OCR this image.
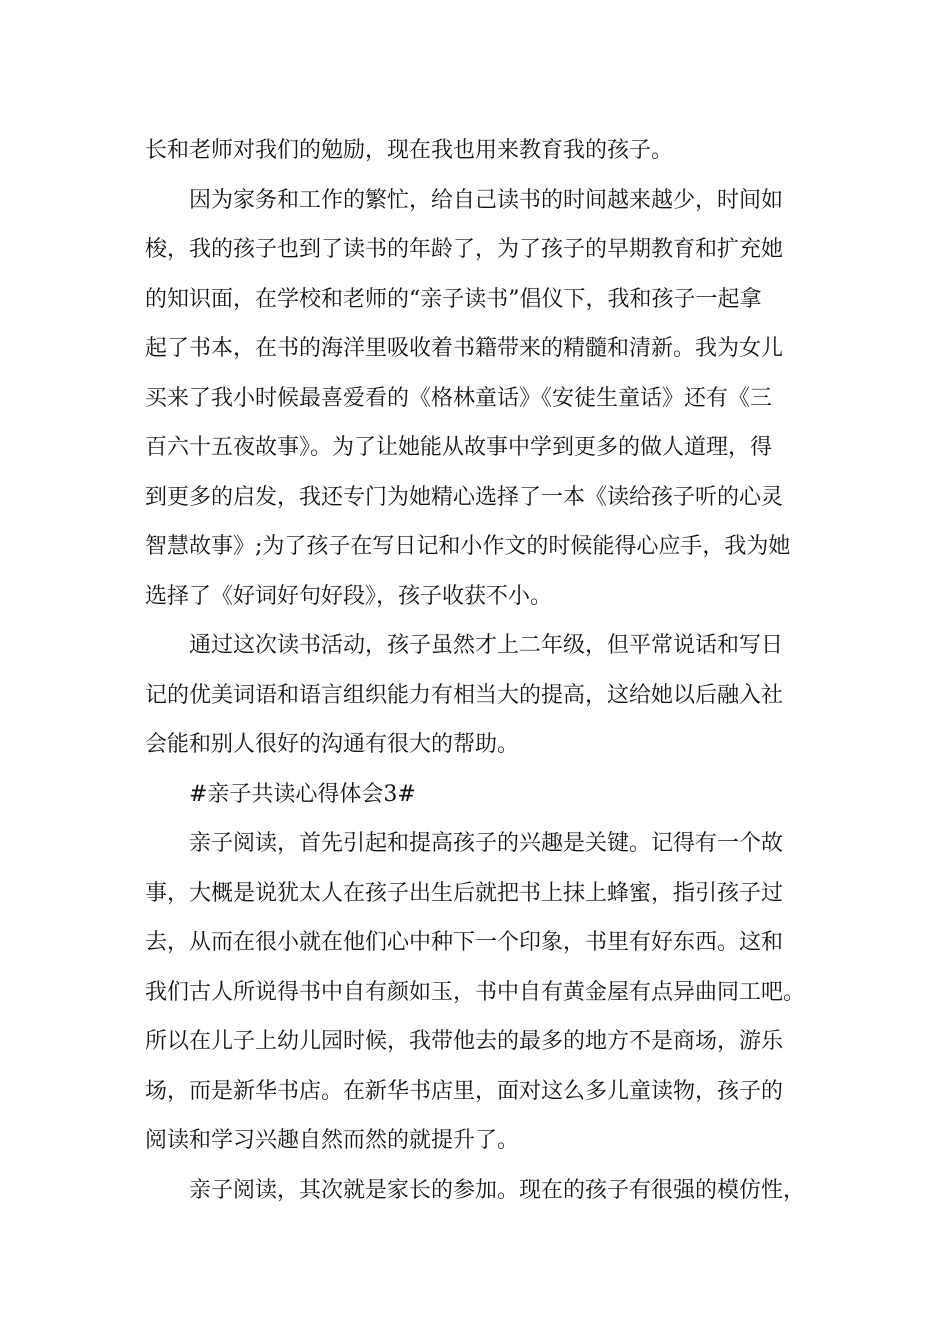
长和老师对我们的勉励，现在我也用来教育我的孩子。
因为家务和工作的繁忙，给自己读书的时间越来越少，时间如
梭，我的孩子也到了读书的年龄了，为了孩子的早期教育和扩充她
的知识面，在学校和老师的“亲子读书”倡仪下，我和孩子一起拿
起了书本，在书的海洋里吸收着书籍带来的精髓和清新。我为女儿
买来了我小时候最喜爱看的《格林童话》《安徒生童话》还有《三
百六十五夜故事》。为了让她能从故事中学到更多的做人道理，得
到更多的启发，我还专门为她精心选择了一本《读给孩子听的心灵
智慧故事》;为了孩子在写日记和小作文的时候能得心应手，我为她
选择了《好词好句好段》，孩子收获不小。
通过这次读书活动，孩子虽然才上二年级，但平常说话和写日
记的优美词语和语言组织能力有相当大的提高，这给她以后融入社
会能和别人很好的沟通有很大的帮助。
#亲子共读心得体会3#
亲子阅读，首先引起和提高孩子的兴趣是关键。记得有一个故
事，大概是说犹太人在孩子出生后就把书上抹上蜂蜜，指引孩子过
去，从而在很小就在他们心中种下一个印象，书里有好东西。这和
我们古人所说得书中自有颜如玉，书中自有黄金屋有点异曲同工吧。
所以在儿子上幼儿园时候，我带他去的最多的地方不是商场，游乐
场，而是新华书店。在新华书店里，面对这么多儿童读物，孩子的
阅读和学习兴趣自然而然的就提升了。
亲子阅读，其次就是家长的参加。现在的孩子有很强的模仿性，
